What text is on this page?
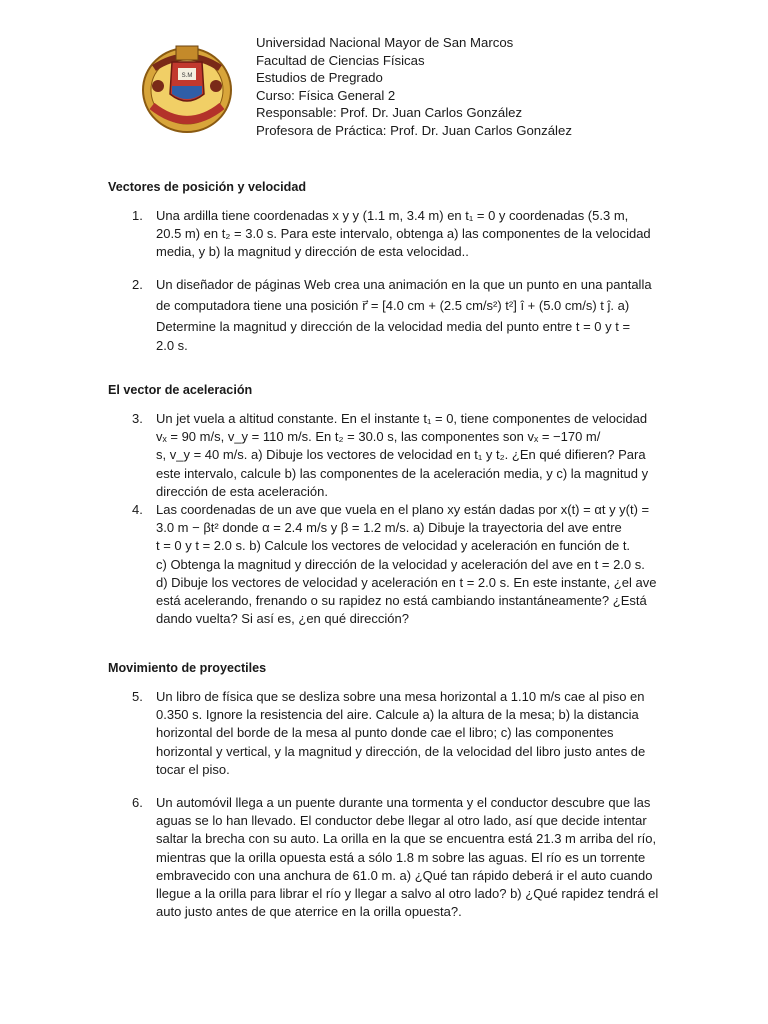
S.M
Universidad Nacional Mayor de San Marcos
Facultad de Ciencias Físicas
Estudios de Pregrado
Curso: Física General 2
Responsable: Prof. Dr. Juan Carlos González
Profesora de Práctica: Prof. Dr. Juan Carlos González
Vectores de posición y velocidad
1. Una ardilla tiene coordenadas x y y (1.1 m, 3.4 m) en t₁ = 0 y coordenadas (5.3 m,
20.5 m) en t₂ = 3.0 s. Para este intervalo, obtenga a) las componentes de la velocidad
media, y b) la magnitud y dirección de esta velocidad..
2. Un diseñador de páginas Web crea una animación en la que un punto en una pantalla
de computadora tiene una posición r⃗ = [4.0 cm + (2.5 cm/s²) t²] î + (5.0 cm/s) t ĵ. a)
Determine la magnitud y dirección de la velocidad media del punto entre t = 0 y t =
2.0 s.
El vector de aceleración
3. Un jet vuela a altitud constante. En el instante t₁ = 0, tiene componentes de velocidad
vₓ = 90 m/s, v_y = 110 m/s. En t₂ = 30.0 s, las componentes son vₓ = −170 m/
s, v_y = 40 m/s. a) Dibuje los vectores de velocidad en t₁ y t₂. ¿En qué difieren? Para
este intervalo, calcule b) las componentes de la aceleración media, y c) la magnitud y
dirección de esta aceleración.
4. Las coordenadas de un ave que vuela en el plano xy están dadas por x(t) = αt y y(t) =
3.0 m − βt² donde α = 2.4 m/s y β = 1.2 m/s. a) Dibuje la trayectoria del ave entre
t = 0 y t = 2.0 s. b) Calcule los vectores de velocidad y aceleración en función de t.
c) Obtenga la magnitud y dirección de la velocidad y aceleración del ave en t = 2.0 s.
d) Dibuje los vectores de velocidad y aceleración en t = 2.0 s. En este instante, ¿el ave
está acelerando, frenando o su rapidez no está cambiando instantáneamente? ¿Está
dando vuelta? Si así es, ¿en qué dirección?
Movimiento de proyectiles
5. Un libro de física que se desliza sobre una mesa horizontal a 1.10 m/s cae al piso en
0.350 s. Ignore la resistencia del aire. Calcule a) la altura de la mesa; b) la distancia
horizontal del borde de la mesa al punto donde cae el libro; c) las componentes
horizontal y vertical, y la magnitud y dirección, de la velocidad del libro justo antes de
tocar el piso.
6. Un automóvil llega a un puente durante una tormenta y el conductor descubre que las
aguas se lo han llevado. El conductor debe llegar al otro lado, así que decide intentar
saltar la brecha con su auto. La orilla en la que se encuentra está 21.3 m arriba del río,
mientras que la orilla opuesta está a sólo 1.8 m sobre las aguas. El río es un torrente
embravecido con una anchura de 61.0 m. a) ¿Qué tan rápido deberá ir el auto cuando
llegue a la orilla para librar el río y llegar a salvo al otro lado? b) ¿Qué rapidez tendrá el
auto justo antes de que aterrice en la orilla opuesta?.
